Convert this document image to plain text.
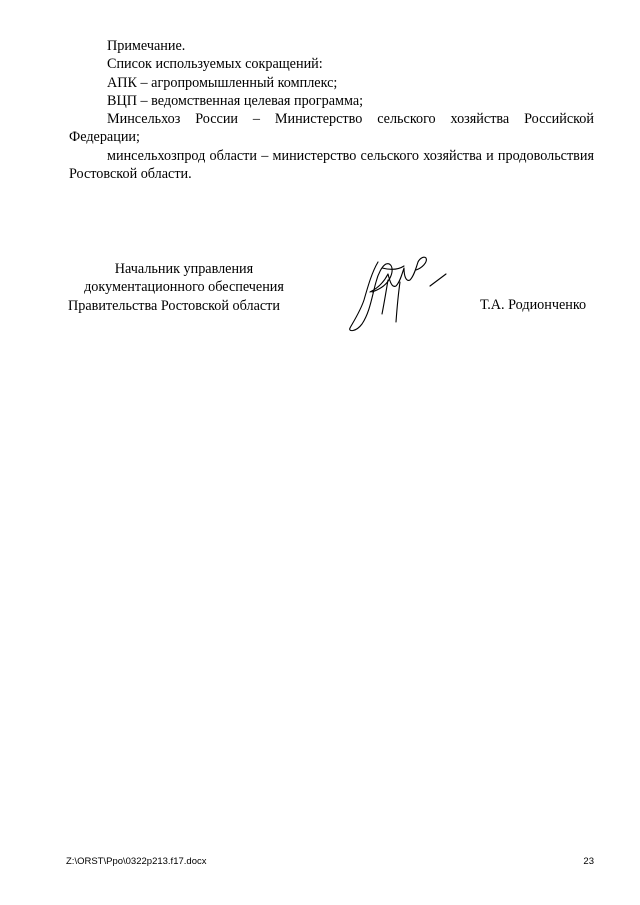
Примечание.

Список используемых сокращений:

АПК – агропромышленный комплекс;

ВЦП – ведомственная целевая программа;

Минсельхоз России – Министерство сельского хозяйства Российской Федерации;

минсельхозпрод области – министерство сельского хозяйства и продовольствия Ростовской области.

Начальник управления
документационного обеспечения
Правительства Ростовской области	Т.А. Родионченко
Z:\ORST\Ppo\0322p213.f17.docx	23
